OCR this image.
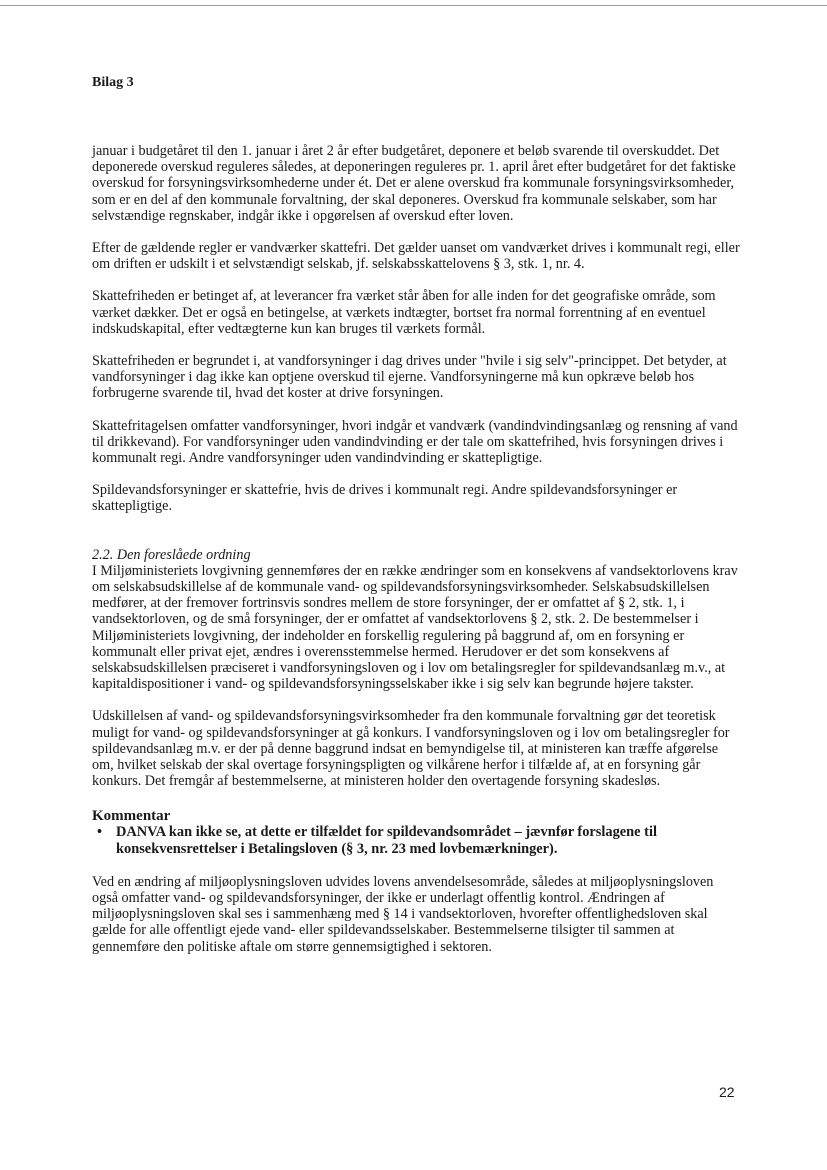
Bilag 3

januar i budgetåret til den 1. januar i året 2 år efter budgetåret, deponere et beløb svarende til overskuddet. Det deponerede overskud reguleres således, at deponeringen reguleres pr. 1. april året efter budgetåret for det faktiske overskud for forsyningsvirksomhederne under ét. Det er alene overskud fra kommunale forsyningsvirksomheder, som er en del af den kommunale forvaltning, der skal deponeres. Overskud fra kommunale selskaber, som har selvstændige regnskaber, indgår ikke i opgørelsen af overskud efter loven.

Efter de gældende regler er vandværker skattefri. Det gælder uanset om vandværket drives i kommunalt regi, eller om driften er udskilt i et selvstændigt selskab, jf. selskabsskattelovens § 3, stk. 1, nr. 4.

Skattefriheden er betinget af, at leverancer fra værket står åben for alle inden for det geografiske område, som værket dækker. Det er også en betingelse, at værkets indtægter, bortset fra normal forrentning af en eventuel indskudskapital, efter vedtægterne kun kan bruges til værkets formål.

Skattefriheden er begrundet i, at vandforsyninger i dag drives under "hvile i sig selv"-princippet. Det betyder, at vandforsyninger i dag ikke kan optjene overskud til ejerne. Vandforsyningerne må kun opkræve beløb hos forbrugerne svarende til, hvad det koster at drive forsyningen.

Skattefritagelsen omfatter vandforsyninger, hvori indgår et vandværk (vandindvindingsanlæg og rensning af vand til drikkevand). For vandforsyninger uden vandindvinding er der tale om skattefrihed, hvis forsyningen drives i kommunalt regi. Andre vandforsyninger uden vandindvinding er skattepligtige.

Spildevandsforsyninger er skattefrie, hvis de drives i kommunalt regi. Andre spildevandsforsyninger er skattepligtige.

2.2. Den foreslåede ordning

I Miljøministeriets lovgivning gennemføres der en række ændringer som en konsekvens af vandsektorlovens krav om selskabsudskillelse af de kommunale vand- og spildevandsforsyningsvirksomheder. Selskabsudskillelsen medfører, at der fremover fortrinsvis sondres mellem de store forsyninger, der er omfattet af § 2, stk. 1, i vandsektorloven, og de små forsyninger, der er omfattet af vandsektorlovens § 2, stk. 2. De bestemmelser i Miljøministeriets lovgivning, der indeholder en forskellig regulering på baggrund af, om en forsyning er kommunalt eller privat ejet, ændres i overensstemmelse hermed. Herudover er det som konsekvens af selskabsudskillelsen præciseret i vandforsyningsloven og i lov om betalingsregler for spildevandsanlæg m.v., at kapitaldispositioner i vand- og spildevandsforsyningsselskaber ikke i sig selv kan begrunde højere takster.

Udskillelsen af vand- og spildevandsforsyningsvirksomheder fra den kommunale forvaltning gør det teoretisk muligt for vand- og spildevandsforsyninger at gå konkurs. I vandforsyningsloven og i lov om betalingsregler for spildevandsanlæg m.v. er der på denne baggrund indsat en bemyndigelse til, at ministeren kan træffe afgørelse om, hvilket selskab der skal overtage forsyningspligten og vilkårene herfor i tilfælde af, at en forsyning går konkurs. Det fremgår af bestemmelserne, at ministeren holder den overtagende forsyning skadesløs.

Kommentar
• DANVA kan ikke se, at dette er tilfældet for spildevandsområdet – jævnfør forslagene til konsekvensrettelser i Betalingsloven (§ 3, nr. 23 med lovbemærkninger).

Ved en ændring af miljøoplysningsloven udvides lovens anvendelsesområde, således at miljøoplysningsloven også omfatter vand- og spildevandsforsyninger, der ikke er underlagt offentlig kontrol. Ændringen af miljøoplysningsloven skal ses i sammenhæng med § 14 i vandsektorloven, hvorefter offentlighedsloven skal gælde for alle offentligt ejede vand- eller spildevandsselskaber. Bestemmelserne tilsigter til sammen at gennemføre den politiske aftale om større gennemsigtighed i sektoren.

22
